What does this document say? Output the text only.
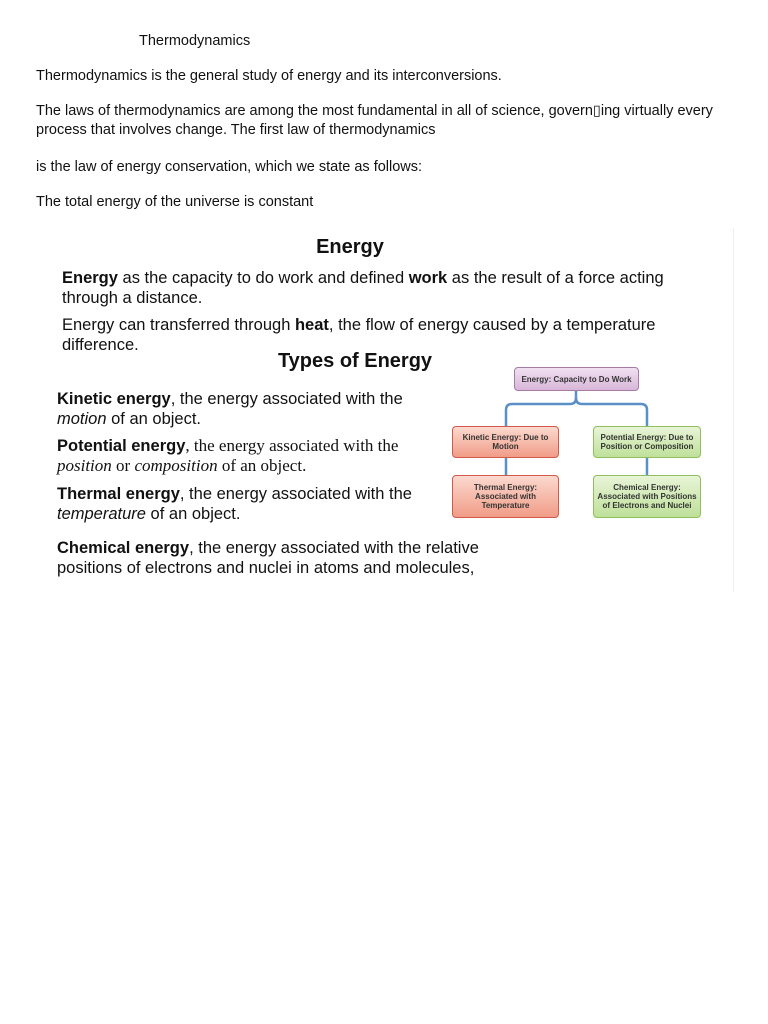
Thermodynamics

Thermodynamics is the general study of energy and its interconversions.

The laws of thermodynamics are among the most fundamental in all of science, govern▯ing virtually every process that involves change. The first law of thermodynamics

is the law of energy conservation, which we state as follows:

The total energy of the universe is constant

Energy

Energy as the capacity to do work and defined work as the result of a force acting through a distance.

Energy can transferred through heat, the flow of energy caused by a temperature difference.

Types of Energy

Kinetic energy, the energy associated with the motion of an object.

Potential energy, the energy associated with the position or composition of an object.

Thermal energy, the energy associated with the temperature of an object.

Chemical energy, the energy associated with the relative positions of electrons and nuclei in atoms and molecules,

Energy: Capacity to Do Work
Kinetic Energy: Due to Motion
Potential Energy: Due to Position or Composition
Thermal Energy: Associated with Temperature
Chemical Energy: Associated with Positions of Electrons and Nuclei
